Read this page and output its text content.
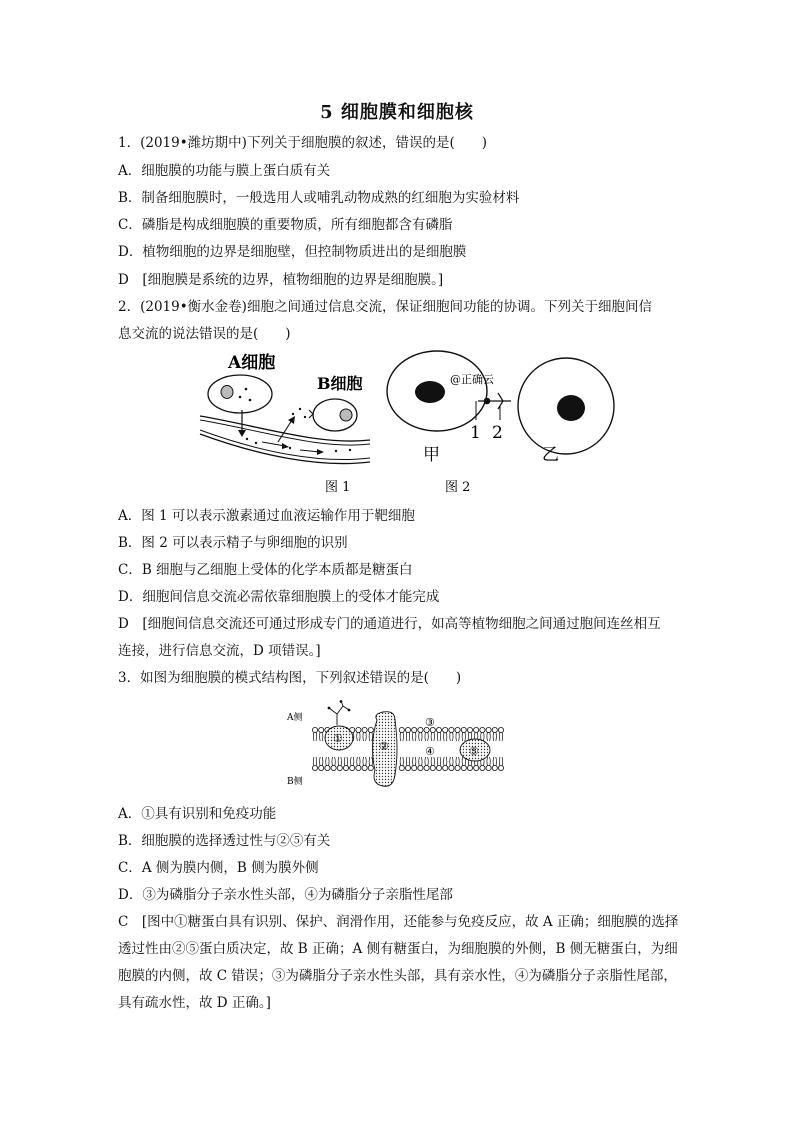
5 细胞膜和细胞核
1．(2019•潍坊期中)下列关于细胞膜的叙述，错误的是(　　)
A．细胞膜的功能与膜上蛋白质有关
B．制备细胞膜时，一般选用人或哺乳动物成熟的红细胞为实验材料
C．磷脂是构成细胞膜的重要物质，所有细胞都含有磷脂
D．植物细胞的边界是细胞壁，但控制物质进出的是细胞膜
D　[细胞膜是系统的边界，植物细胞的边界是细胞膜。]
2．(2019•衡水金卷)细胞之间通过信息交流，保证细胞间功能的协调。下列关于细胞间信
息交流的说法错误的是(　　)
A细胞
B细胞	@正确云
1 2
甲	乙
图 1	图 2
A．图 1 可以表示激素通过血液运输作用于靶细胞
B．图 2 可以表示精子与卵细胞的识别
C．B 细胞与乙细胞上受体的化学本质都是糖蛋白
D．细胞间信息交流必需依靠细胞膜上的受体才能完成
D　[细胞间信息交流还可通过形成专门的通道进行，如高等植物细胞之间通过胞间连丝相互
连接，进行信息交流，D 项错误。]
3．如图为细胞膜的模式结构图，下列叙述错误的是(　　)
A侧
B侧
①
②
③
④	⑤
A．①具有识别和免疫功能
B．细胞膜的选择透过性与②⑤有关
C．A 侧为膜内侧，B 侧为膜外侧
D．③为磷脂分子亲水性头部，④为磷脂分子亲脂性尾部
C　[图中①糖蛋白具有识别、保护、润滑作用，还能参与免疫反应，故 A 正确；细胞膜的选择透过性由②⑤蛋白质决定，故 B 正确；A 侧有糖蛋白，为细胞膜的外侧，B 侧无糖蛋白，为细胞膜的内侧，故 C 错误；③为磷脂分子亲水性头部，具有亲水性，④为磷脂分子亲脂性尾部，具有疏水性，故 D 正确。]
